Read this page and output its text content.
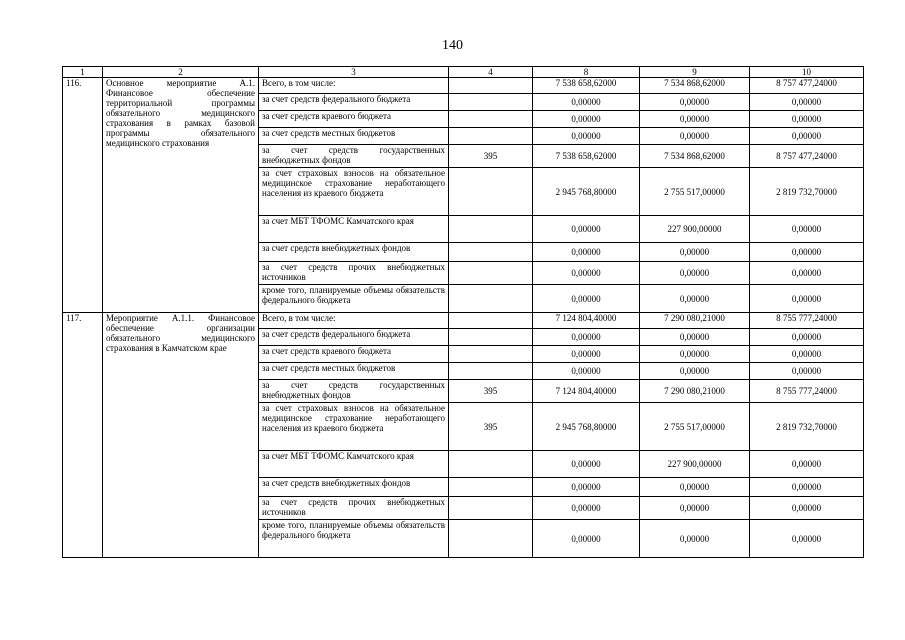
140
1	2	3	4	8	9	10
116.	Основное мероприятие А.1. Финансовое обеспечение территориальной программы обязательного медицинского страхования в рамках базовой программы обязательного медицинского страхования	Всего, в том числе:		7 538 658,62000	7 534 868,62000	8 757 477,24000
		за счет средств федерального бюджета		0,00000	0,00000	0,00000
		за счет средств краевого бюджета		0,00000	0,00000	0,00000
		за счет средств местных бюджетов		0,00000	0,00000	0,00000
		за счет средств государственных внебюджетных фондов	395	7 538 658,62000	7 534 868,62000	8 757 477,24000
		за счет страховых взносов на обязательное медицинское страхование неработающего населения из краевого бюджета		2 945 768,80000	2 755 517,00000	2 819 732,70000
		за счет МБТ ТФОМС Камчатского края		0,00000	227 900,00000	0,00000
		за счет средств внебюджетных фондов		0,00000	0,00000	0,00000
		за счет средств прочих внебюджетных источников		0,00000	0,00000	0,00000
		кроме того, планируемые объемы обязательств федерального бюджета		0,00000	0,00000	0,00000
117.	Мероприятие А.1.1. Финансовое обеспечение организации обязательного медицинского страхования в Камчатском крае	Всего, в том числе:		7 124 804,40000	7 290 080,21000	8 755 777,24000
		за счет средств федерального бюджета		0,00000	0,00000	0,00000
		за счет средств краевого бюджета		0,00000	0,00000	0,00000
		за счет средств местных бюджетов		0,00000	0,00000	0,00000
		за счет средств государственных внебюджетных фондов	395	7 124 804,40000	7 290 080,21000	8 755 777,24000
		за счет страховых взносов на обязательное медицинское страхование неработающего населения из краевого бюджета	395	2 945 768,80000	2 755 517,00000	2 819 732,70000
		за счет МБТ ТФОМС Камчатского края		0,00000	227 900,00000	0,00000
		за счет средств внебюджетных фондов		0,00000	0,00000	0,00000
		за счет средств прочих внебюджетных источников		0,00000	0,00000	0,00000
		кроме того, планируемые объемы обязательств федерального бюджета		0,00000	0,00000	0,00000
